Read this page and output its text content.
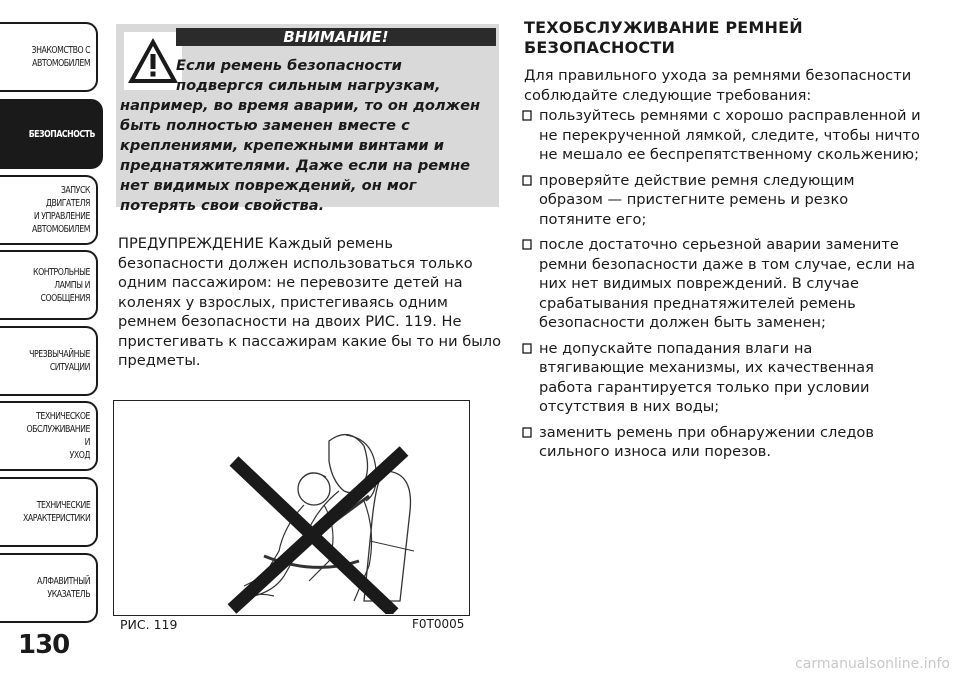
ЗНАКОМСТВО С
АВТОМОБИЛЕМ
БЕЗОПАСНОСТЬ
ЗАПУСК ДВИГАТЕЛЯ
И УПРАВЛЕНИЕ
АВТОМОБИЛЕМ
КОНТРОЛЬНЫЕ
ЛАМПЫ И
СООБЩЕНИЯ
ЧРЕЗВЫЧАЙНЫЕ
СИТУАЦИИ
ТЕХНИЧЕСКОЕ
ОБСЛУЖИВАНИЕ И
УХОД
ТЕХНИЧЕСКИЕ
ХАРАКТЕРИСТИКИ
АЛФАВИТНЫЙ
УКАЗАТЕЛЬ
130
ВНИМАНИЕ!
Если ремень безопасности
подвергся сильным нагрузкам,
например, во время аварии, то он должен быть полностью заменен вместе с креплениями, крепежными винтами и преднатяжителями. Даже если на ремне нет видимых повреждений, он мог потерять свои свойства.
ПРЕДУПРЕЖДЕНИЕ Каждый ремень безопасности должен использоваться только одним пассажиром: не перевозите детей на коленях у взрослых, пристегиваясь одним ремнем безопасности на двоих РИС. 119. Не пристегивать к пассажирам какие бы то ни было предметы.
РИС. 119	F0T0005
ТЕХОБСЛУЖИВАНИЕ РЕМНЕЙ БЕЗОПАСНОСТИ
Для правильного ухода за ремнями безопасности соблюдайте следующие требования:
пользуйтесь ремнями с хорошо расправленной и не перекрученной лямкой, следите, чтобы ничто не мешало ее беспрепятственному скольжению;
проверяйте действие ремня следующим образом — пристегните ремень и резко потяните его;
после достаточно серьезной аварии замените ремни безопасности даже в том случае, если на них нет видимых повреждений. В случае срабатывания преднатяжителей ремень безопасности должен быть заменен;
не допускайте попадания влаги на втягивающие механизмы, их качественная работа гарантируется только при условии отсутствия в них воды;
заменить ремень при обнаружении следов сильного износа или порезов.
carmanualsonline.info
